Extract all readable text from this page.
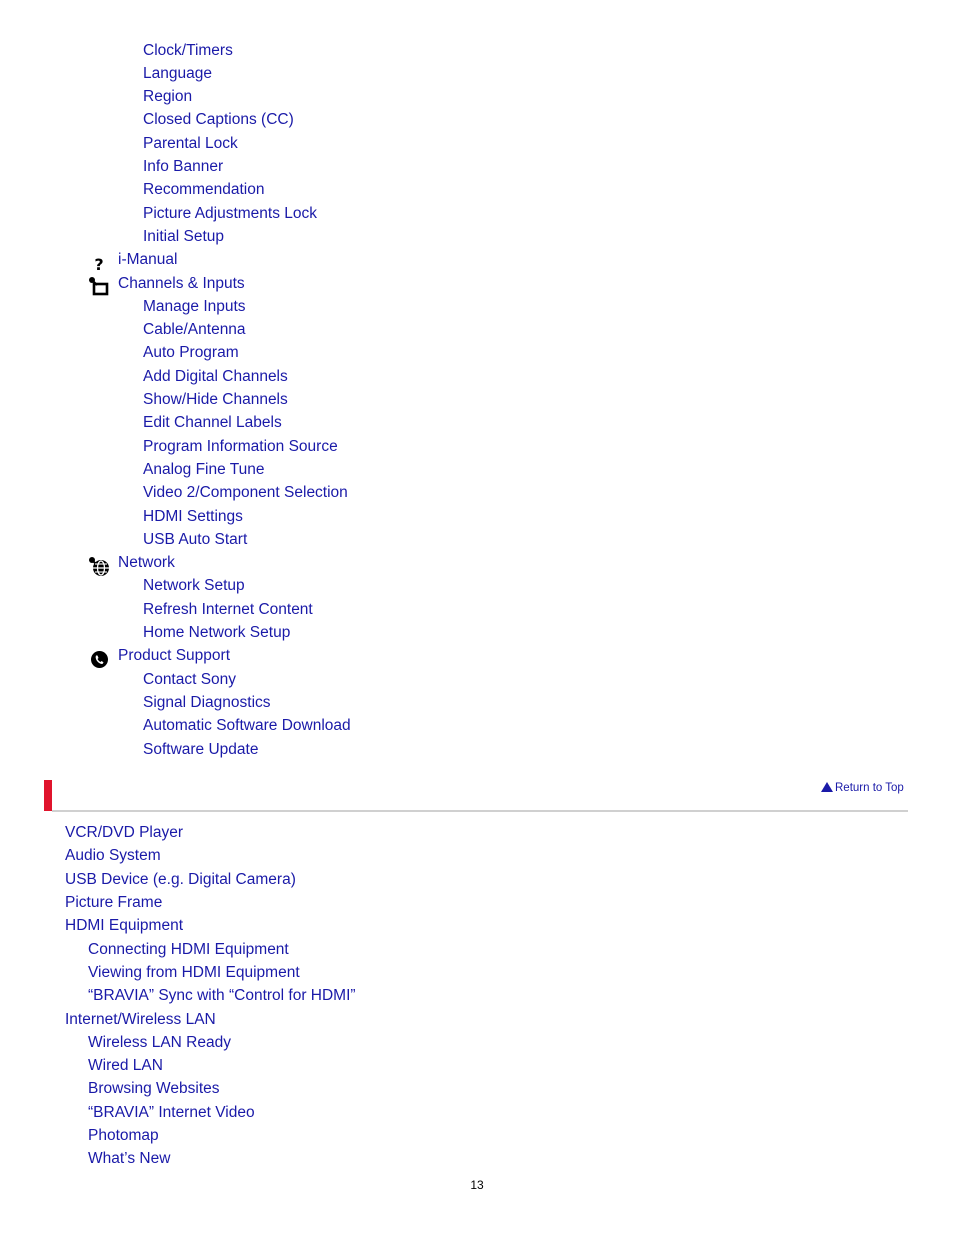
Clock/Timers
Language
Region
Closed Captions (CC)
Parental Lock
Info Banner
Recommendation
Picture Adjustments Lock
Initial Setup
? i-Manual
Channels & Inputs
Manage Inputs
Cable/Antenna
Auto Program
Add Digital Channels
Show/Hide Channels
Edit Channel Labels
Program Information Source
Analog Fine Tune
Video 2/Component Selection
HDMI Settings
USB Auto Start
Network
Network Setup
Refresh Internet Content
Home Network Setup
Product Support
Contact Sony
Signal Diagnostics
Automatic Software Download
Software Update
Return to Top
VCR/DVD Player
Audio System
USB Device (e.g. Digital Camera)
Picture Frame
HDMI Equipment
Connecting HDMI Equipment
Viewing from HDMI Equipment
“BRAVIA” Sync with “Control for HDMI”
Internet/Wireless LAN
Wireless LAN Ready
Wired LAN
Browsing Websites
“BRAVIA” Internet Video
Photomap
What’s New
13
